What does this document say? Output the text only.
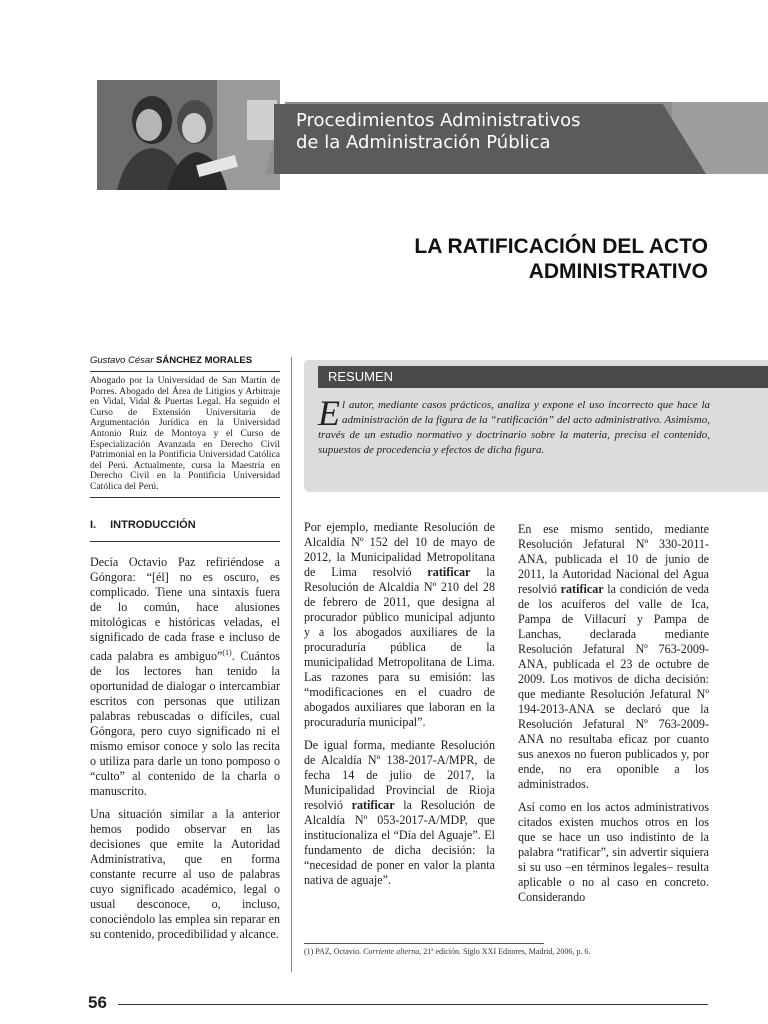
Procedimientos Administrativos
de la Administración Pública
LA RATIFICACIÓN DEL ACTO
ADMINISTRATIVO
Gustavo César SÁNCHEZ MORALES
Abogado por la Universidad de San Martín de Porres. Abogado del Área de Litigios y Arbitraje en Vidal, Vidal & Puertas Legal. Ha seguido el Curso de Extensión Universitaria de Argumentación Jurídica en la Universidad Antonio Ruiz de Montoya y el Curso de Especialización Avanzada en Derecho Civil Patrimonial en la Pontificia Universidad Católica del Perú. Actualmente, cursa la Maestría en Derecho Civil en la Pontificia Universidad Católica del Perú.
RESUMEN
El autor, mediante casos prácticos, analiza y expone el uso incorrecto que hace la administración de la figura de la “ratificación” del acto administrativo. Asimismo, través de un estudio normativo y doctrinario sobre la materia, precisa el contenido, supuestos de procedencia y efectos de dicha figura.
I. INTRODUCCIÓN

Decía Octavio Paz refiriéndose a Góngora: “[él] no es oscuro, es complicado. Tiene una sintaxis fuera de lo común, hace alusiones mitológicas e históricas veladas, el significado de cada frase e incluso de cada palabra es ambiguo”$^{(1)}$. Cuántos de los lectores han tenido la oportunidad de dialogar o intercambiar escritos con personas que utilizan palabras rebuscadas o difíciles, cual Góngora, pero cuyo significado ni el mismo emisor conoce y solo las recita o utiliza para darle un tono pomposo o “culto” al contenido de la charla o manuscrito.

Una situación similar a la anterior hemos podido observar en las decisiones que emite la Autoridad Administrativa, que en forma constante recurre al uso de palabras cuyo significado académico, legal o usual desconoce, o, incluso, conociéndolo las emplea sin reparar en su contenido, procedibilidad y alcance.

Por ejemplo, mediante Resolución de Alcaldía Nº 152 del 10 de mayo de 2012, la Municipalidad Metropolitana de Lima resolvió ratificar la Resolución de Alcaldía Nº 210 del 28 de febrero de 2011, que designa al procurador público municipal adjunto y a los abogados auxiliares de la procuraduría pública de la municipalidad Metropolitana de Lima. Las razones para su emisión: las “modificaciones en el cuadro de abogados auxiliares que laboran en la procuraduría municipal”.

De igual forma, mediante Resolución de Alcaldía Nº 138-2017-A/MPR, de fecha 14 de julio de 2017, la Municipalidad Provincial de Rioja resolvió ratificar la Resolución de Alcaldía Nº 053-2017-A/MDP, que institucionaliza el “Día del Aguaje”. El fundamento de dicha decisión: la “necesidad de poner en valor la planta nativa de aguaje”.

En ese mismo sentido, mediante Resolución Jefatural Nº 330-2011-ANA, publicada el 10 de junio de 2011, la Autoridad Nacional del Agua resolvió ratificar la condición de veda de los acuíferos del valle de Ica, Pampa de Villacurí y Pampa de Lanchas, declarada mediante Resolución Jefatural Nº 763-2009-ANA, publicada el 23 de octubre de 2009. Los motivos de dicha decisión: que mediante Resolución Jefatural Nº 194-2013-ANA se declaró que la Resolución Jefatural Nº 763-2009-ANA no resultaba eficaz por cuanto sus anexos no fueron publicados y, por ende, no era oponible a los administrados.

Así como en los actos administrativos citados existen muchos otros en los que se hace un uso indistinto de la palabra “ratificar”, sin advertir siquiera si su uso –en términos legales– resulta aplicable o no al caso en concreto. Considerando

(1) PAZ, Octavio. Corriente alterna, 21ª edición. Siglo XXI Editores, Madrid, 2006, p. 6.
56
